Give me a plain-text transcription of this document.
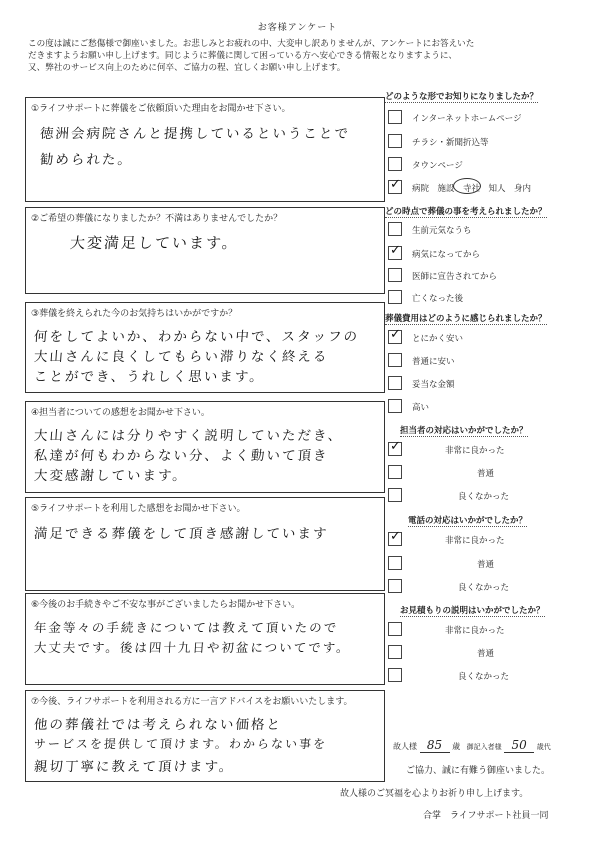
お客様アンケート
この度は誠にご愁傷様で御座いました。お悲しみとお疲れの中、大変申し訳ありませんが、アンケートにお答えいた
だきますようお願い申し上げます。同じように葬儀に関して困っている方へ安心できる情報となりますように、
又、弊社のサービス向上のために何卒、ご協力の程、宜しくお願い申し上げます。
①ライフサポートに葬儀をご依頼頂いた理由をお聞かせ下さい。
徳洲会病院さんと提携しているということで
勧められた。
②ご希望の葬儀になりましたか？不満はありませんでしたか？
大変満足しています。
③葬儀を終えられた今のお気持ちはいかがですか？
何をしてよいか、わからない中で、スタッフの
大山さんに良くしてもらい滞りなく終える
ことができ、うれしく思います。
④担当者についての感想をお聞かせ下さい。
大山さんには分りやすく説明していただき、
私達が何もわからない分、よく動いて頂き
大変感謝しています。
⑤ライフサポートを利用した感想をお聞かせ下さい。
満足できる葬儀をして頂き感謝しています
⑥今後のお手続きやご不安な事がございましたらお聞かせ下さい。
年金等々の手続きについては教えて頂いたので
大丈夫です。後は四十九日や初盆についてです。
⑦今後、ライフサポートを利用される方に一言アドバイスをお願いいたします。
他の葬儀社では考えられない価格と
サービスを提供して頂けます。わからない事を
親切丁寧に教えて頂けます。
どのような形でお知りになりましたか？
インターネットホームページ
チラシ・新聞折込等
タウンページ
✓ 病院　施設　寺社　知人　身内
どの時点で葬儀の事を考えられましたか？
生前元気なうち
✓ 病気になってから
医師に宣告されてから
亡くなった後
葬儀費用はどのように感じられましたか？
✓ とにかく安い
普通に安い
妥当な金額
高い
担当者の対応はいかがでしたか？
✓	非常に良かった
普通
良くなかった
電話の対応はいかがでしたか？
✓	非常に良かった
普通
良くなかった
お見積もりの説明はいかがでしたか？
非常に良かった
普通
良くなかった
故人様 85 歳 御記入者様 50 歳代
ご協力、誠に有難う御座いました。
故人様のご冥福を心よりお祈り申し上げます。
合掌　ライフサポート社員一同
